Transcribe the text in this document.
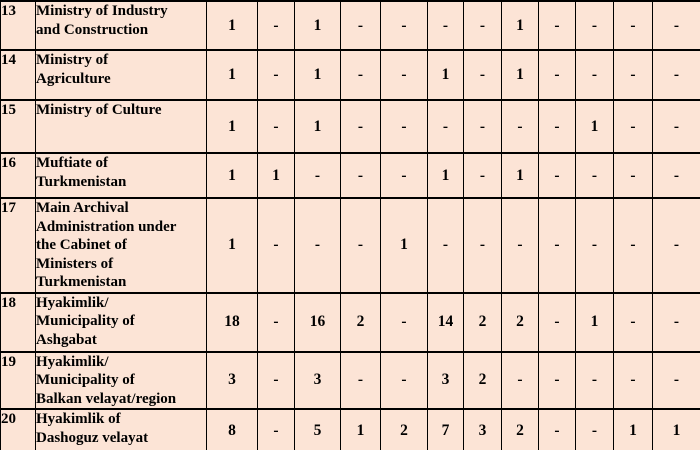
13	Ministry of Industry
and Construction	1	-	1	-	-	-	-	1	-	-	-	-
14	Ministry of
Agriculture	1	-	1	-	-	1	-	1	-	-	-	-
15	Ministry of Culture	1	-	1	-	-	-	-	-	-	1	-	-
16	Muftiate of
Turkmenistan	1	1	-	-	-	1	-	1	-	-	-	-
17	Main Archival
Administration under
the Cabinet of
Ministers of
Turkmenistan	1	-	-	-	1	-	-	-	-	-	-	-
18	Hyakimlik/
Municipality of
Ashgabat	18	-	16	2	-	14	2	2	-	1	-	-
19	Hyakimlik/
Municipality of
Balkan velayat/region	3	-	3	-	-	3	2	-	-	-	-	-
20	Hyakimlik of
Dashoguz velayat	8	-	5	1	2	7	3	2	-	-	1	1
